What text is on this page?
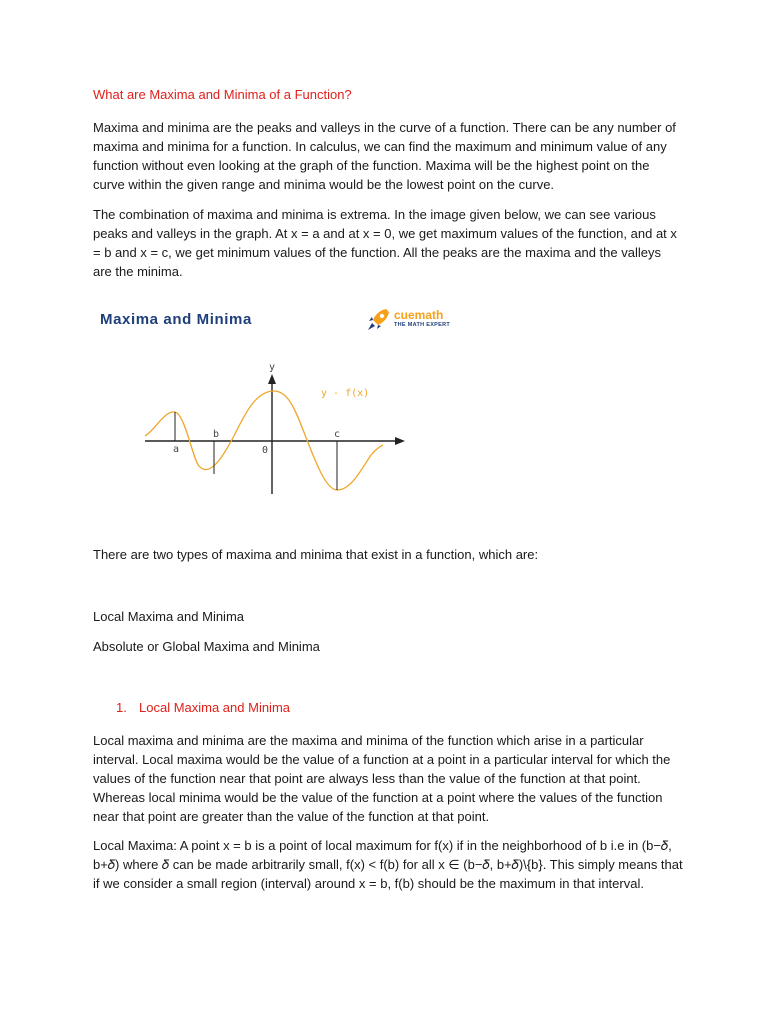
What are Maxima and Minima of a Function?

Maxima and minima are the peaks and valleys in the curve of a function. There can be any number of maxima and minima for a function. In calculus, we can find the maximum and minimum value of any function without even looking at the graph of the function. Maxima will be the highest point on the curve within the given range and minima would be the lowest point on the curve.

The combination of maxima and minima is extrema. In the image given below, we can see various peaks and valleys in the graph. At x = a and at x = 0, we get maximum values of the function, and at x = b and x = c, we get minimum values of the function. All the peaks are the maxima and the valleys are the minima.

Maxima and Minima	cuemath
THE MATH EXPERT
y
y - f(x)
a
b
0
c

There are two types of maxima and minima that exist in a function, which are:

Local Maxima and Minima

Absolute or Global Maxima and Minima

1. Local Maxima and Minima

Local maxima and minima are the maxima and minima of the function which arise in a particular interval. Local maxima would be the value of a function at a point in a particular interval for which the values of the function near that point are always less than the value of the function at that point. Whereas local minima would be the value of the function at a point where the values of the function near that point are greater than the value of the function at that point.

Local Maxima: A point x = b is a point of local maximum for f(x) if in the neighborhood of b i.e in (b−𝛿, b+𝛿) where 𝛿 can be made arbitrarily small, f(x) < f(b) for all x ∈ (b−𝛿, b+𝛿)\{b}. This simply means that if we consider a small region (interval) around x = b, f(b) should be the maximum in that interval.
